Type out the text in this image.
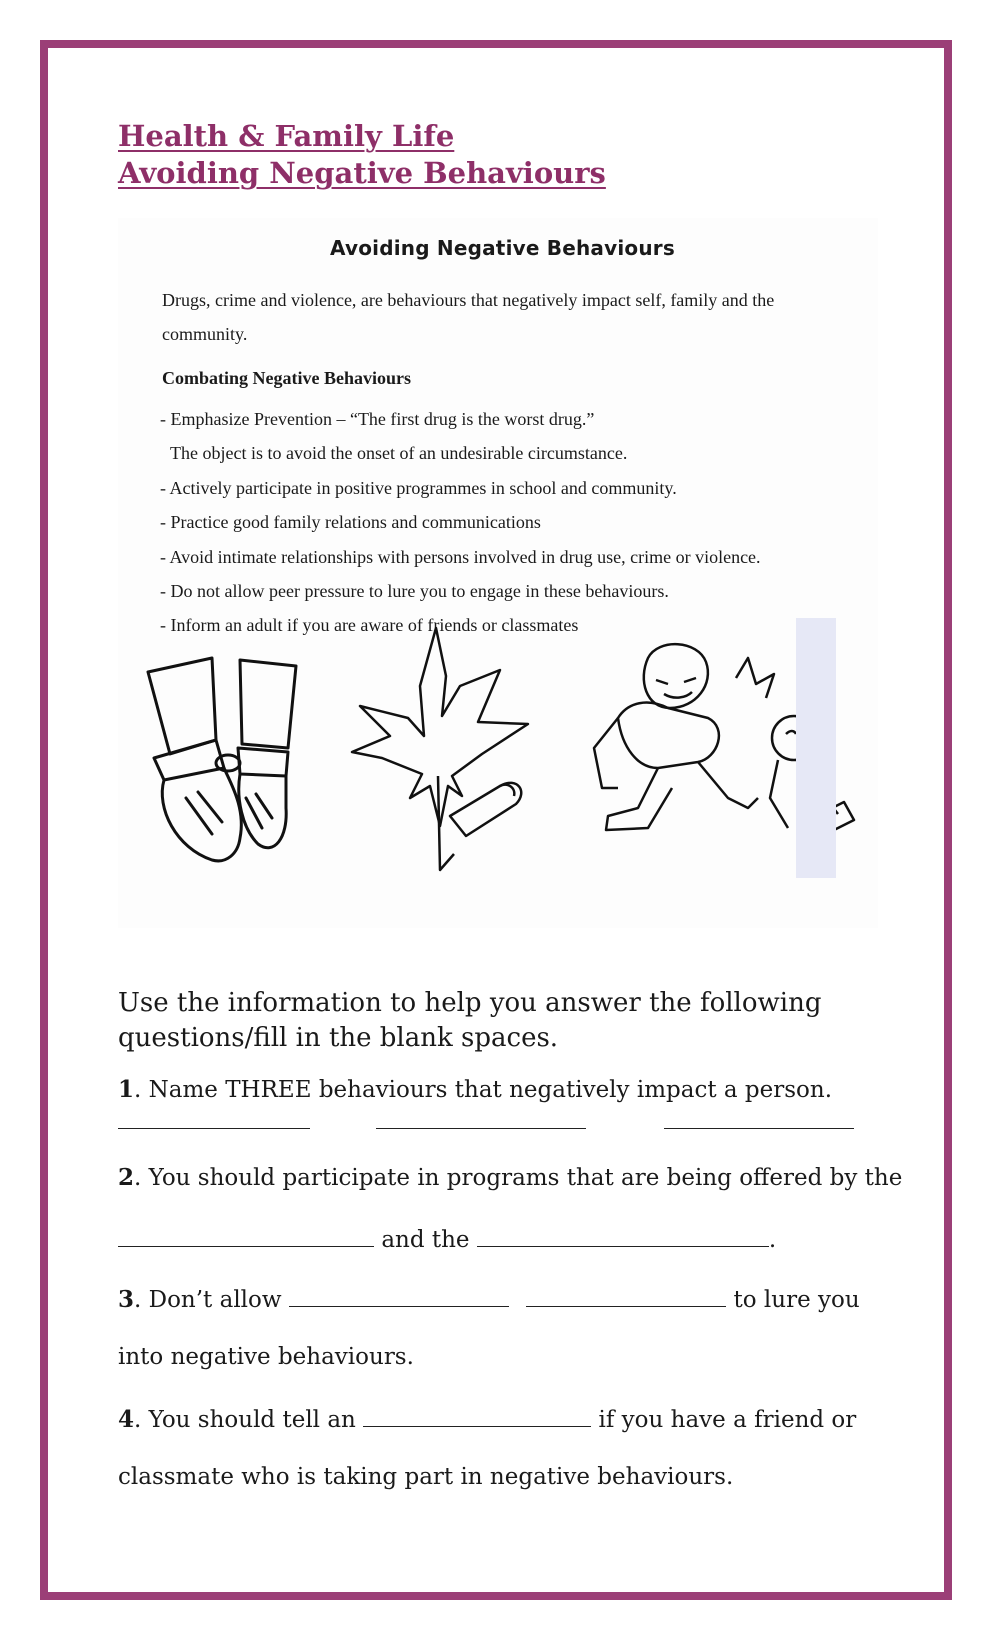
Health & Family Life
Avoiding Negative Behaviours
Avoiding Negative Behaviours
Drugs, crime and violence, are behaviours that negatively impact self, family and the community.
Combating Negative Behaviours
- Emphasize Prevention – “The first drug is the worst drug.”
The object is to avoid the onset of an undesirable circumstance.
- Actively participate in positive programmes in school and community.
- Practice good family relations and communications
- Avoid intimate relationships with persons involved in drug use, crime or violence.
- Do not allow peer pressure to lure you to engage in these behaviours.
- Inform an adult if you are aware of friends or classmates
Use the information to help you answer the following questions/fill in the blank spaces.
1. Name THREE behaviours that negatively impact a person.
2. You should participate in programs that are being offered by the
and the	.
3. Don’t allow	to lure you
into negative behaviours.
4. You should tell an	if you have a friend or
classmate who is taking part in negative behaviours.
